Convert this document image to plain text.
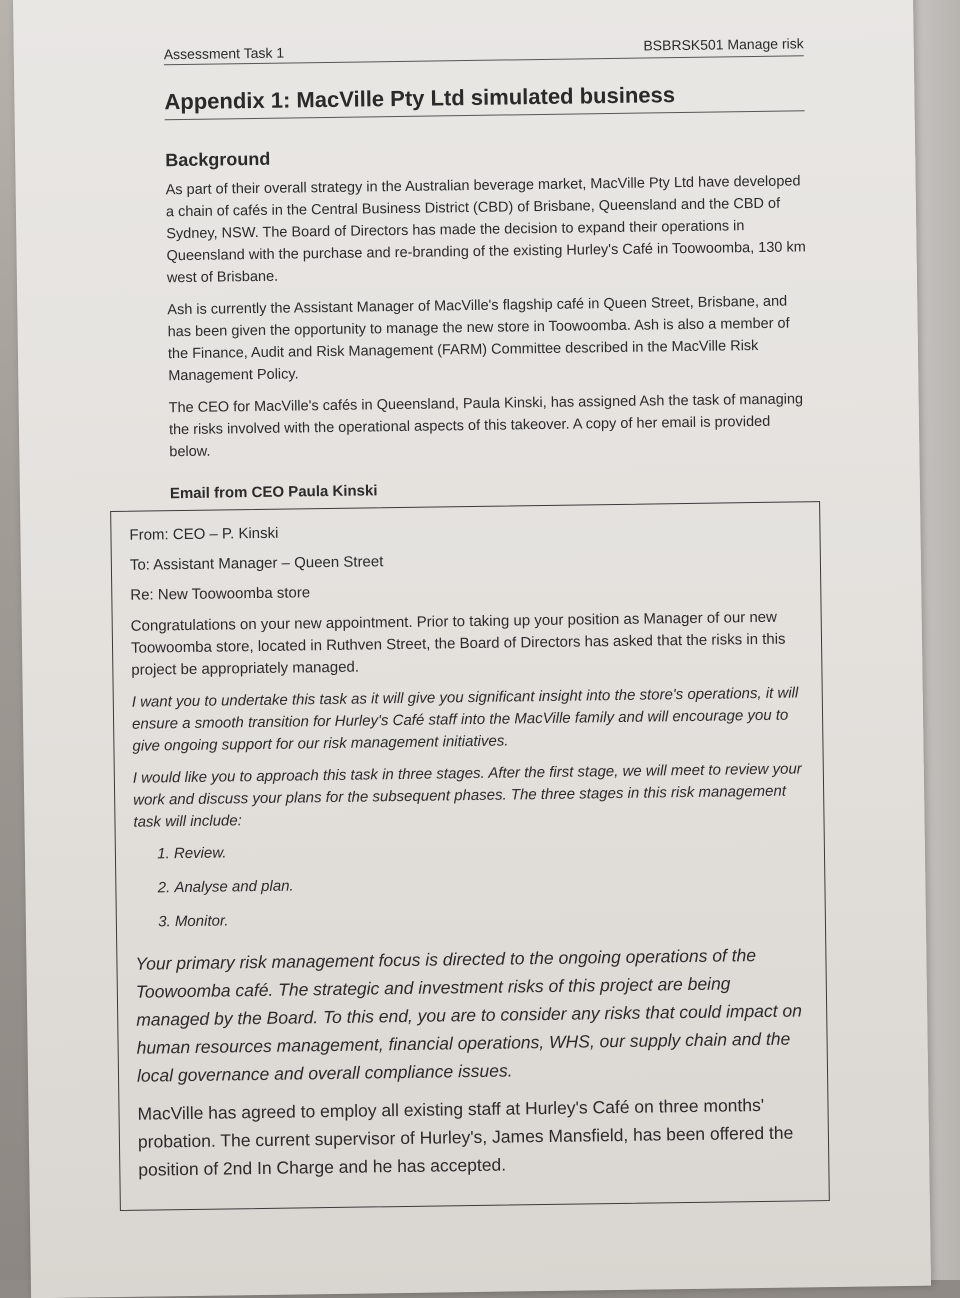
Assessment Task 1	BSBRSK501 Manage risk
Appendix 1: MacVille Pty Ltd simulated business
Background

As part of their overall strategy in the Australian beverage market, MacVille Pty Ltd have developed a chain of cafés in the Central Business District (CBD) of Brisbane, Queensland and the CBD of Sydney, NSW. The Board of Directors has made the decision to expand their operations in Queensland with the purchase and re-branding of the existing Hurley's Café in Toowoomba, 130 km west of Brisbane.

Ash is currently the Assistant Manager of MacVille's flagship café in Queen Street, Brisbane, and has been given the opportunity to manage the new store in Toowoomba. Ash is also a member of the Finance, Audit and Risk Management (FARM) Committee described in the MacVille Risk Management Policy.

The CEO for MacVille's cafés in Queensland, Paula Kinski, has assigned Ash the task of managing the risks involved with the operational aspects of this takeover. A copy of her email is provided below.

Email from CEO Paula Kinski
From: CEO – P. Kinski
To: Assistant Manager – Queen Street
Re: New Toowoomba store

Congratulations on your new appointment. Prior to taking up your position as Manager of our new Toowoomba store, located in Ruthven Street, the Board of Directors has asked that the risks in this project be appropriately managed.

I want you to undertake this task as it will give you significant insight into the store's operations, it will ensure a smooth transition for Hurley's Café staff into the MacVille family and will encourage you to give ongoing support for our risk management initiatives.

I would like you to approach this task in three stages. After the first stage, we will meet to review your work and discuss your plans for the subsequent phases. The three stages in this risk management task will include:

1. Review.
2. Analyse and plan.
3. Monitor.

Your primary risk management focus is directed to the ongoing operations of the Toowoomba café. The strategic and investment risks of this project are being managed by the Board. To this end, you are to consider any risks that could impact on human resources management, financial operations, WHS, our supply chain and the local governance and overall compliance issues.

MacVille has agreed to employ all existing staff at Hurley's Café on three months' probation. The current supervisor of Hurley's, James Mansfield, has been offered the position of 2nd In Charge and he has accepted.
